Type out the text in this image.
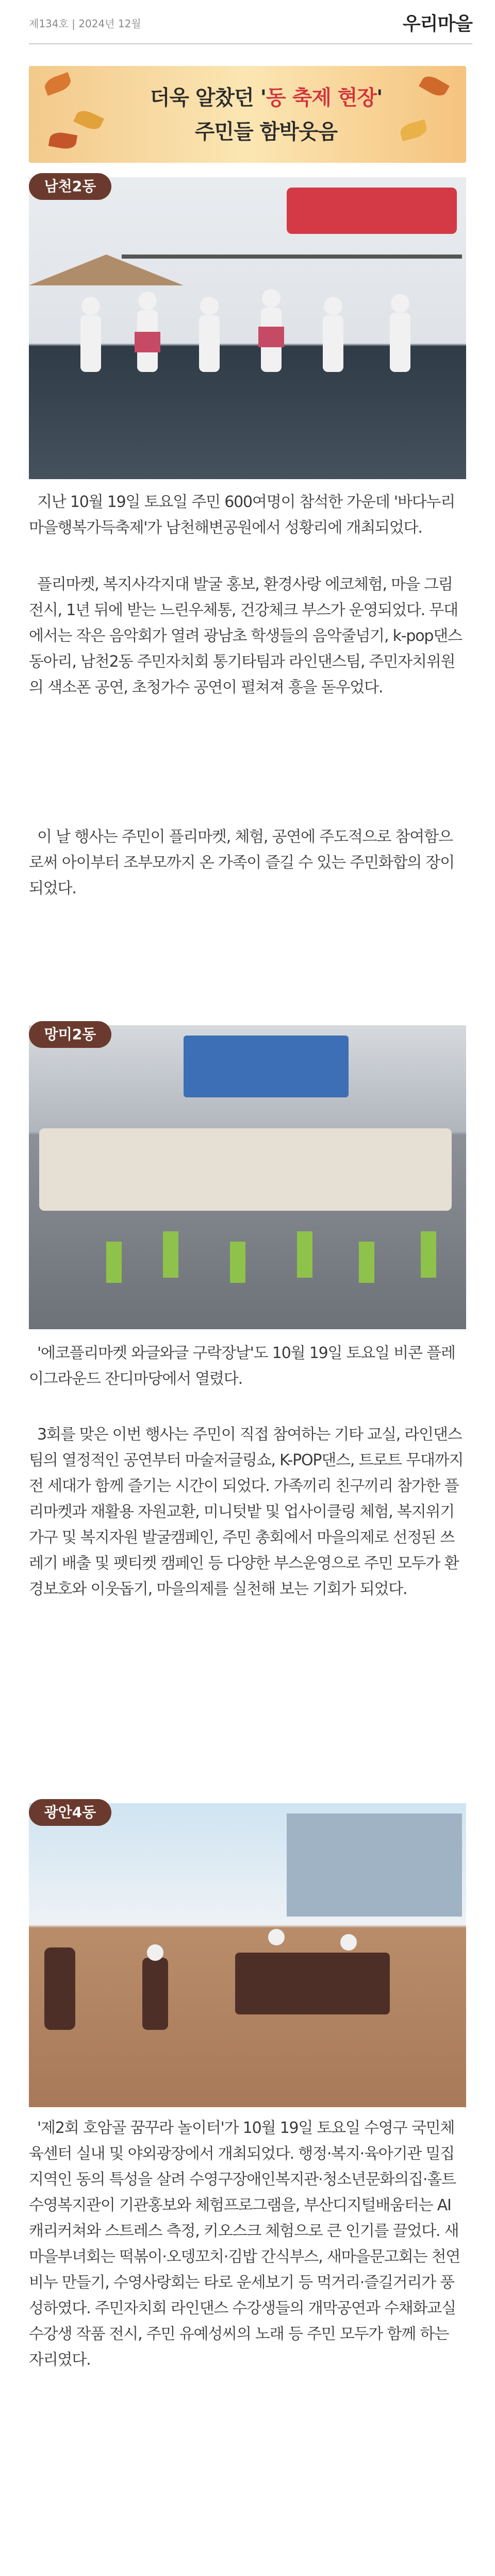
제134호 | 2024년 12월	우리마을
더욱 알찼던 '동 축제 현장'
주민들 함박웃음
남천2동
지난 10월 19일 토요일 주민 600여명이 참석한 가운데 '바다누리마을행복가득축제'가 남천해변공원에서 성황리에 개최되었다.
플리마켓, 복지사각지대 발굴 홍보, 환경사랑 에코체험, 마을 그림 전시, 1년 뒤에 받는 느린우체통, 건강체크 부스가 운영되었다. 무대에서는 작은 음악회가 열려 광남초 학생들의 음악줄넘기, k-pop댄스 동아리, 남천2동 주민자치회 통기타팀과 라인댄스팀, 주민자치위원의 색소폰 공연, 초청가수 공연이 펼쳐져 흥을 돋우었다.
이 날 행사는 주민이 플리마켓, 체험, 공연에 주도적으로 참여함으로써 아이부터 조부모까지 온 가족이 즐길 수 있는 주민화합의 장이 되었다.
망미2동
'에코플리마켓 와글와글 구락장날'도 10월 19일 토요일 비콘 플레이그라운드 잔디마당에서 열렸다.
3회를 맞은 이번 행사는 주민이 직접 참여하는 기타 교실, 라인댄스팀의 열정적인 공연부터 마술저글링쇼, K-POP댄스, 트로트 무대까지 전 세대가 함께 즐기는 시간이 되었다. 가족끼리 친구끼리 참가한 플리마켓과 재활용 자원교환, 미니텃밭 및 업사이클링 체험, 복지위기가구 및 복지자원 발굴캠페인, 주민 총회에서 마을의제로 선정된 쓰레기 배출 및 펫티켓 캠페인 등 다양한 부스운영으로 주민 모두가 환경보호와 이웃돕기, 마을의제를 실천해 보는 기회가 되었다.
광안4동
'제2회 호암골 꿈꾸라 놀이터'가 10월 19일 토요일 수영구 국민체육센터 실내 및 야외광장에서 개최되었다. 행정·복지·육아기관 밀집지역인 동의 특성을 살려 수영구장애인복지관·청소년문화의집·홀트수영복지관이 기관홍보와 체험프로그램을, 부산디지털배움터는 AI 캐리커쳐와 스트레스 측정, 키오스크 체험으로 큰 인기를 끌었다. 새마을부녀회는 떡볶이·오뎅꼬치·김밥 간식부스, 새마을문고회는 천연비누 만들기, 수영사랑회는 타로 운세보기 등 먹거리·즐길거리가 풍성하였다. 주민자치회 라인댄스 수강생들의 개막공연과 수채화교실 수강생 작품 전시, 주민 유예성씨의 노래 등 주민 모두가 함께 하는 자리였다.
